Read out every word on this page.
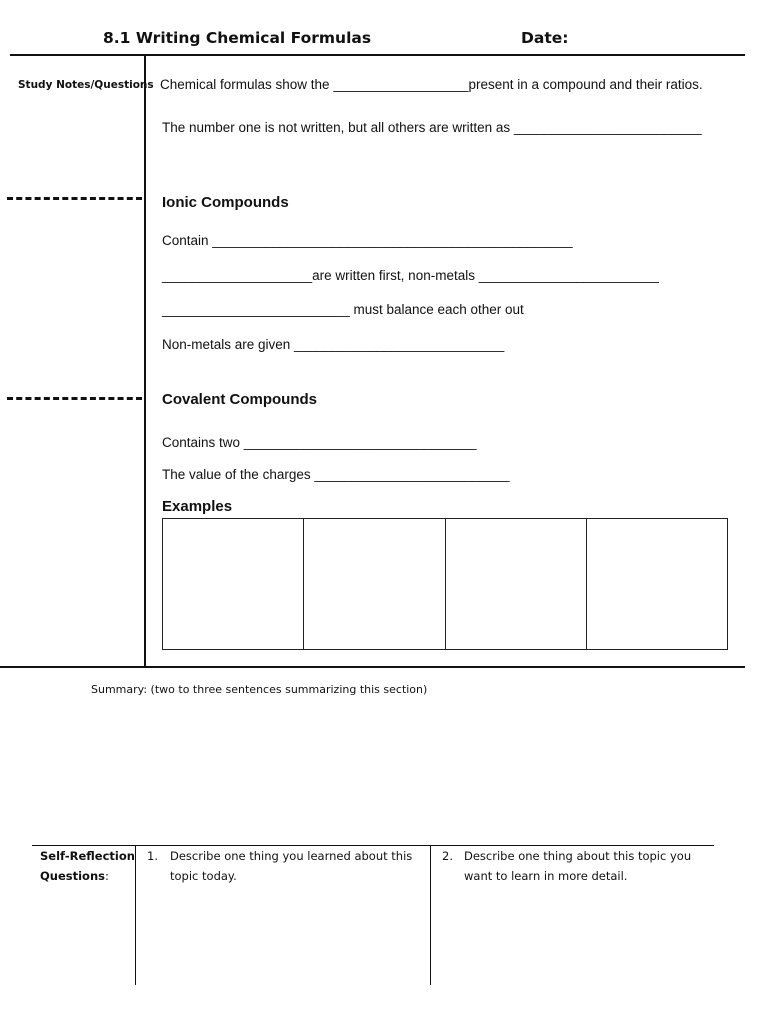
8.1 Writing Chemical Formulas	Date:
Study Notes/Questions Chemical formulas show the __________________present in a compound and their ratios.
The number one is not written, but all others are written as _________________________
Ionic Compounds
Contain ________________________________________________
____________________are written first, non-metals ________________________
_________________________ must balance each other out
Non-metals are given ____________________________
Covalent Compounds
Contains two _______________________________
The value of the charges __________________________
Examples
Summary: (two to three sentences summarizing this section)
Self-Reflection
Questions:
1. Describe one thing you learned about this
topic today.
2. Describe one thing about this topic you
want to learn in more detail.
